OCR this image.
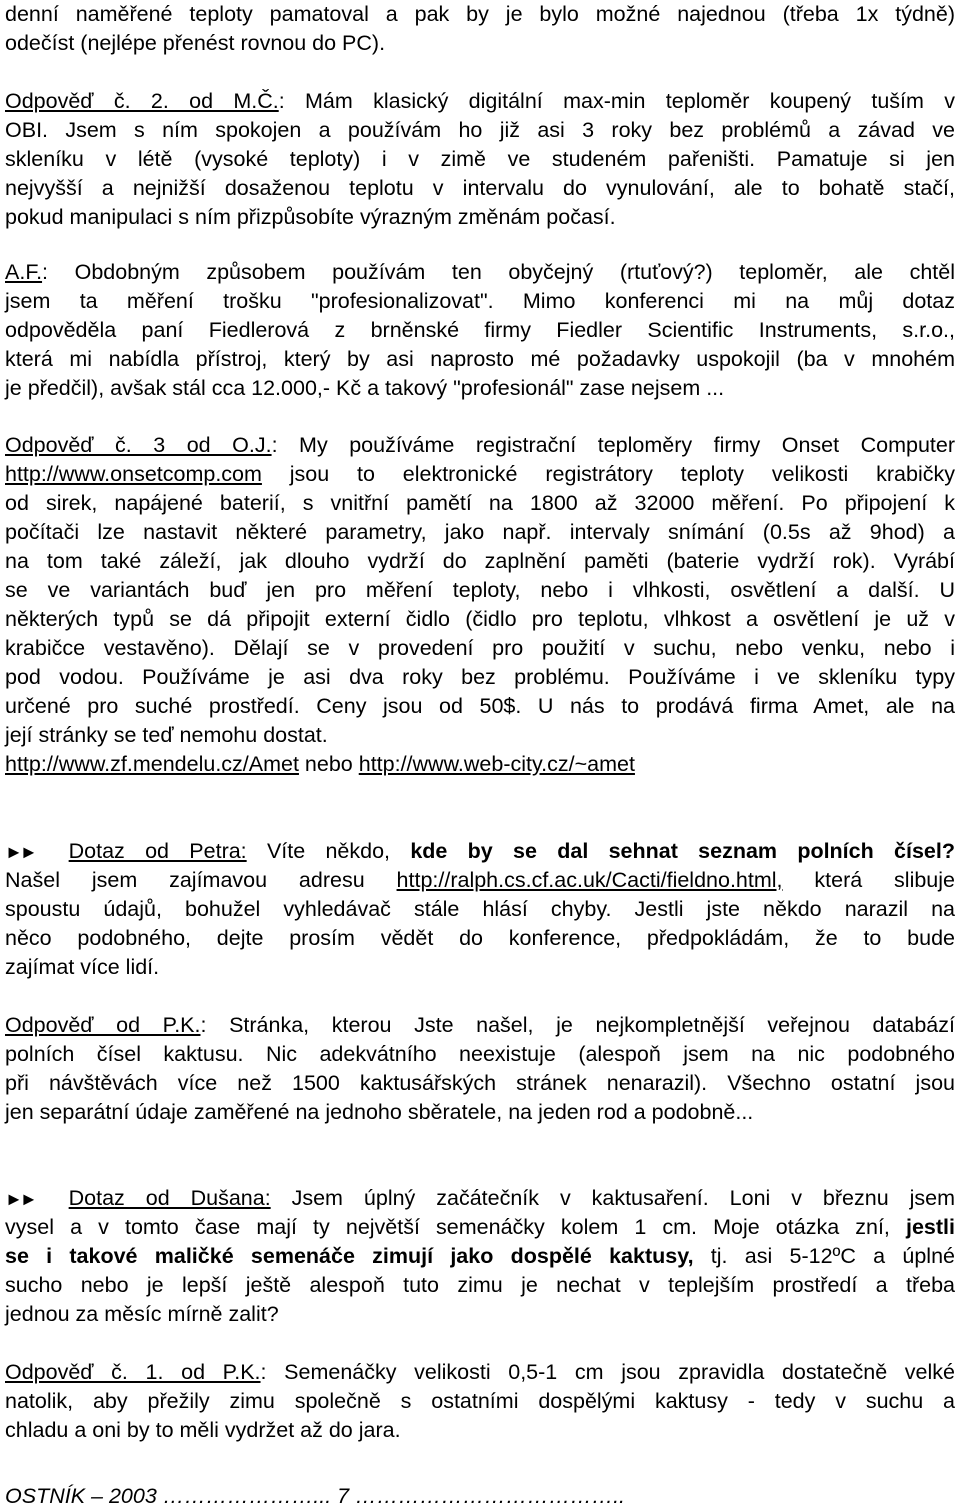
denní naměřené teploty pamatoval a pak by je bylo možné najednou (třeba 1x týdně)
odečíst (nejlépe přenést rovnou do PC).
Odpověď č. 2. od M.Č.: Mám klasický digitální max-min teploměr koupený tuším v
OBI. Jsem s ním spokojen a používám ho již asi 3 roky bez problémů a závad ve
skleníku v létě (vysoké teploty) i v zimě ve studeném pařeništi. Pamatuje si jen
nejvyšší a nejnižší dosaženou teplotu v intervalu do vynulování, ale to bohatě stačí,
pokud manipulaci s ním přizpůsobíte výrazným změnám počasí.
A.F.: Obdobným způsobem používám ten obyčejný (rtuťový?) teploměr, ale chtěl
jsem ta měření trošku "profesionalizovat". Mimo konferenci mi na můj dotaz
odpověděla paní Fiedlerová z brněnské firmy Fiedler Scientific Instruments, s.r.o.,
která mi nabídla přístroj, který by asi naprosto mé požadavky uspokojil (ba v mnohém
je předčil), avšak stál cca 12.000,- Kč a takový "profesionál" zase nejsem ...
Odpověď č. 3 od O.J.: My používáme registrační teploměry firmy Onset Computer
http://www.onsetcomp.com jsou to elektronické registrátory teploty velikosti krabičky
od sirek, napájené baterií, s vnitřní pamětí na 1800 až 32000 měření. Po připojení k
počítači lze nastavit některé parametry, jako např. intervaly snímání (0.5s až 9hod) a
na tom také záleží, jak dlouho vydrží do zaplnění paměti (baterie vydrží rok). Vyrábí
se ve variantách buď jen pro měření teploty, nebo i vlhkosti, osvětlení a další. U
některých typů se dá připojit externí čidlo (čidlo pro teplotu, vlhkost a osvětlení je už v
krabičce vestavěno). Dělají se v provedení pro použití v suchu, nebo venku, nebo i
pod vodou. Používáme je asi dva roky bez problému. Používáme i ve skleníku typy
určené pro suché prostředí. Ceny jsou od 50$. U nás to prodává firma Amet, ale na
její stránky se teď nemohu dostat.
http://www.zf.mendelu.cz/Amet nebo http://www.web-city.cz/~amet
►► Dotaz od Petra: Víte někdo, kde by se dal sehnat seznam polních čísel?
Našel jsem zajímavou adresu http://ralph.cs.cf.ac.uk/Cacti/fieldno.html, která slibuje
spoustu údajů, bohužel vyhledávač stále hlásí chyby. Jestli jste někdo narazil na
něco podobného, dejte prosím vědět do konference, předpokládám, že to bude
zajímat více lidí.
Odpověď od P.K.: Stránka, kterou Jste našel, je nejkompletnější veřejnou databází
polních čísel kaktusu. Nic adekvátního neexistuje (alespoň jsem na nic podobného
při návštěvách více než 1500 kaktusářských stránek nenarazil). Všechno ostatní jsou
jen separátní údaje zaměřené na jednoho sběratele, na jeden rod a podobně...
►► Dotaz od Dušana: Jsem úplný začátečník v kaktusaření. Loni v březnu jsem
vysel a v tomto čase mají ty největší semenáčky kolem 1 cm. Moje otázka zní, jestli
se i takové maličké semenáče zimují jako dospělé kaktusy, tj. asi 5-12ºC a úplné
sucho nebo je lepší ještě alespoň tuto zimu je nechat v teplejším prostředí a třeba
jednou za měsíc mírně zalit?
Odpověď č. 1. od P.K.: Semenáčky velikosti 0,5-1 cm jsou zpravidla dostatečně velké
natolik, aby přežily zimu společně s ostatními dospělými kaktusy - tedy v suchu a
chladu a oni by to měli vydržet až do jara.
OSTNÍK – 2003 …………………... 7 ………………………………..
